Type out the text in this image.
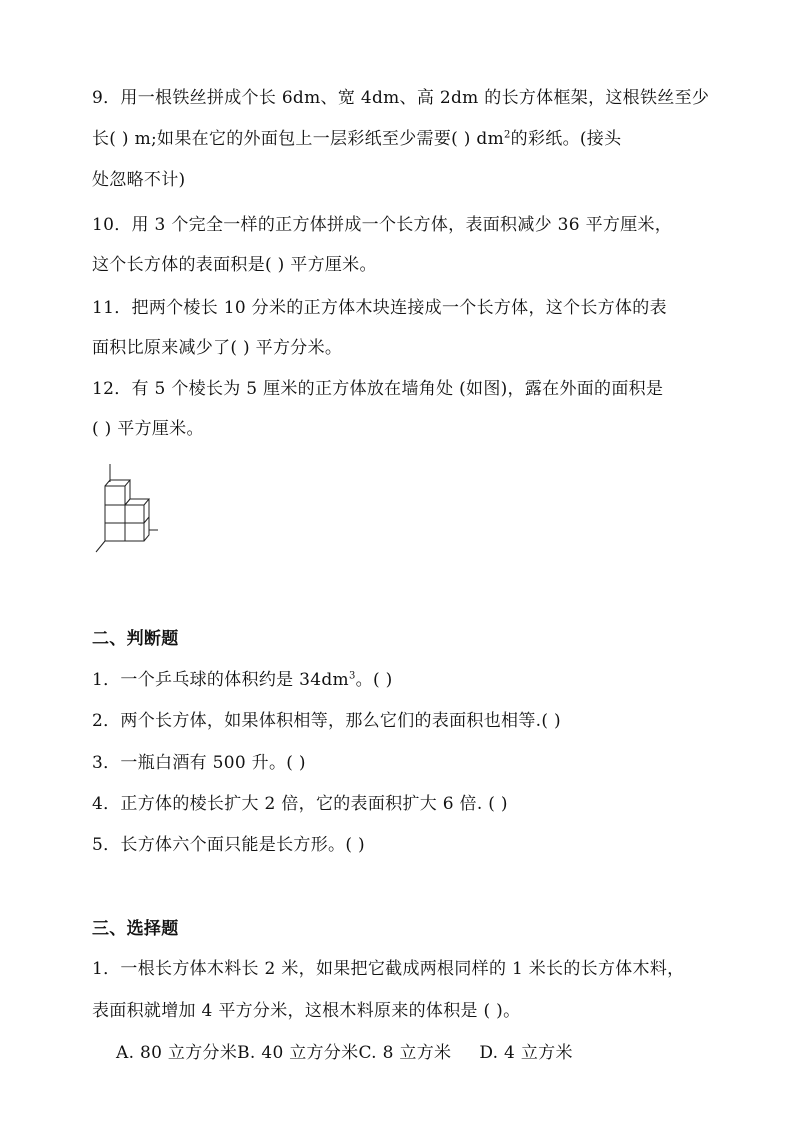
9．用一根铁丝拼成个长 6dm、宽 4dm、高 2dm 的长方体框架，这根铁丝至少
长( ) m;如果在它的外面包上一层彩纸至少需要( ) $dm^2$的彩纸。(接头
处忽略不计)
10．用 3 个完全一样的正方体拼成一个长方体，表面积减少 36 平方厘米，
这个长方体的表面积是( ) 平方厘米。
11．把两个棱长 10 分米的正方体木块连接成一个长方体，这个长方体的表
面积比原来减少了( ) 平方分米。
12．有 5 个棱长为 5 厘米的正方体放在墙角处 (如图)，露在外面的面积是
( ) 平方厘米。
二、判断题
1．一个乒乓球的体积约是 $34dm^3$。( )
2．两个长方体，如果体积相等，那么它们的表面积也相等.( )
3．一瓶白酒有 500 升。( )
4．正方体的棱长扩大 2 倍，它的表面积扩大 6 倍. ( )
5．长方体六个面只能是长方形。( )
三、选择题
1．一根长方体木料长 2 米，如果把它截成两根同样的 1 米长的长方体木料，
表面积就增加 4 平方分米，这根木料原来的体积是 ( )。
A. 80 立方分米B. 40 立方分米C. 8 立方米 D. 4 立方米
